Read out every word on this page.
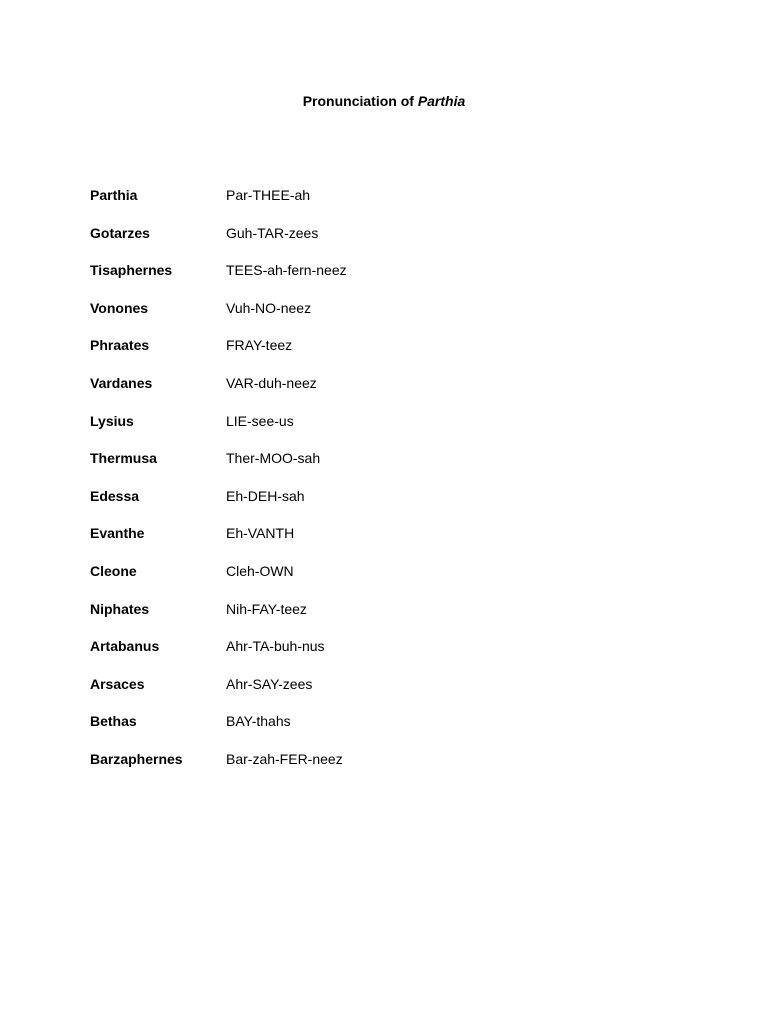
Pronunciation of Parthia
Parthia	Par-THEE-ah
Gotarzes	Guh-TAR-zees
Tisaphernes	TEES-ah-fern-neez
Vonones	Vuh-NO-neez
Phraates	FRAY-teez
Vardanes	VAR-duh-neez
Lysius	LIE-see-us
Thermusa	Ther-MOO-sah
Edessa	Eh-DEH-sah
Evanthe	Eh-VANTH
Cleone	Cleh-OWN
Niphates	Nih-FAY-teez
Artabanus	Ahr-TA-buh-nus
Arsaces	Ahr-SAY-zees
Bethas	BAY-thahs
Barzaphernes	Bar-zah-FER-neez
